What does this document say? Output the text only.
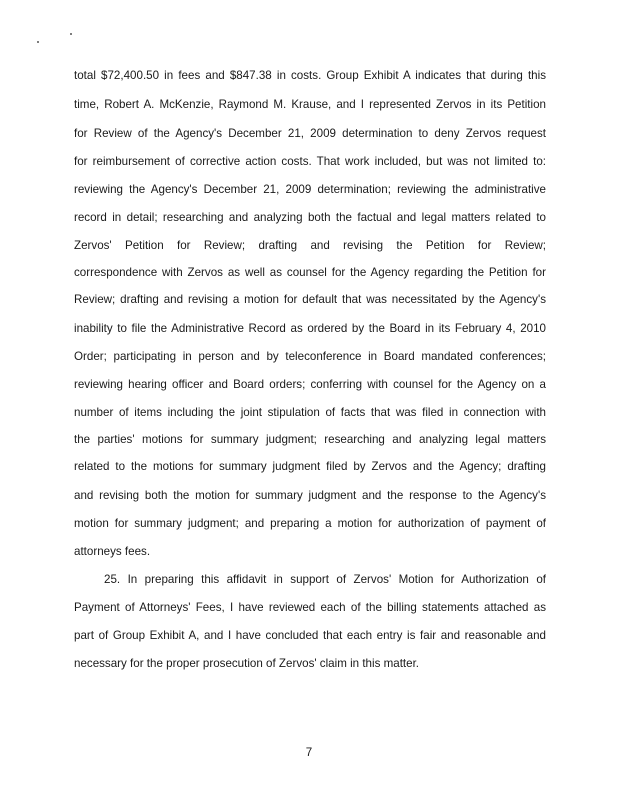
total $72,400.50 in fees and $847.38 in costs. Group Exhibit A indicates that during this
time, Robert A. McKenzie, Raymond M. Krause, and I represented Zervos in its Petition
for Review of the Agency's December 21, 2009 determination to deny Zervos request
for reimbursement of corrective action costs. That work included, but was not limited to:
reviewing the Agency's December 21, 2009 determination; reviewing the administrative
record in detail; researching and analyzing both the factual and legal matters related to
Zervos' Petition for Review; drafting and revising the Petition for Review;
correspondence with Zervos as well as counsel for the Agency regarding the Petition for
Review; drafting and revising a motion for default that was necessitated by the Agency's
inability to file the Administrative Record as ordered by the Board in its February 4, 2010
Order; participating in person and by teleconference in Board mandated conferences;
reviewing hearing officer and Board orders; conferring with counsel for the Agency on a
number of items including the joint stipulation of facts that was filed in connection with
the parties' motions for summary judgment; researching and analyzing legal matters
related to the motions for summary judgment filed by Zervos and the Agency; drafting
and revising both the motion for summary judgment and the response to the Agency's
motion for summary judgment; and preparing a motion for authorization of payment of
attorneys fees.
25. In preparing this affidavit in support of Zervos' Motion for Authorization of
Payment of Attorneys' Fees, I have reviewed each of the billing statements attached as
part of Group Exhibit A, and I have concluded that each entry is fair and reasonable and
necessary for the proper prosecution of Zervos' claim in this matter.
7
